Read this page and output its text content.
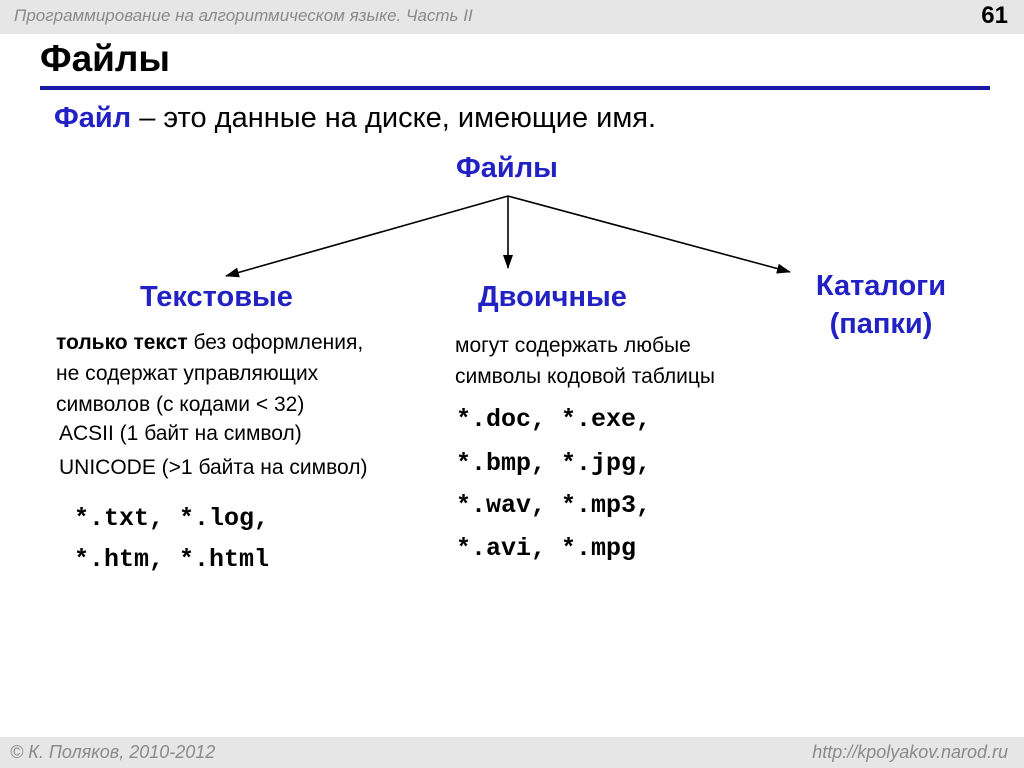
Программирование на алгоритмическом языке. Часть II	61
Файлы
Файл – это данные на диске, имеющие имя.
Файлы
Текстовые	Двоичные	Каталоги
(папки)
только текст без оформления,
не содержат управляющих
символов (с кодами < 32)
ACSII (1 байт на символ)
UNICODE (>1 байта на символ)
*.txt, *.log,
*.htm, *.html
могут содержать любые
символы кодовой таблицы
*.doc, *.exe,
*.bmp, *.jpg,
*.wav, *.mp3,
*.avi, *.mpg
© К. Поляков, 2010-2012	http://kpolyakov.narod.ru
